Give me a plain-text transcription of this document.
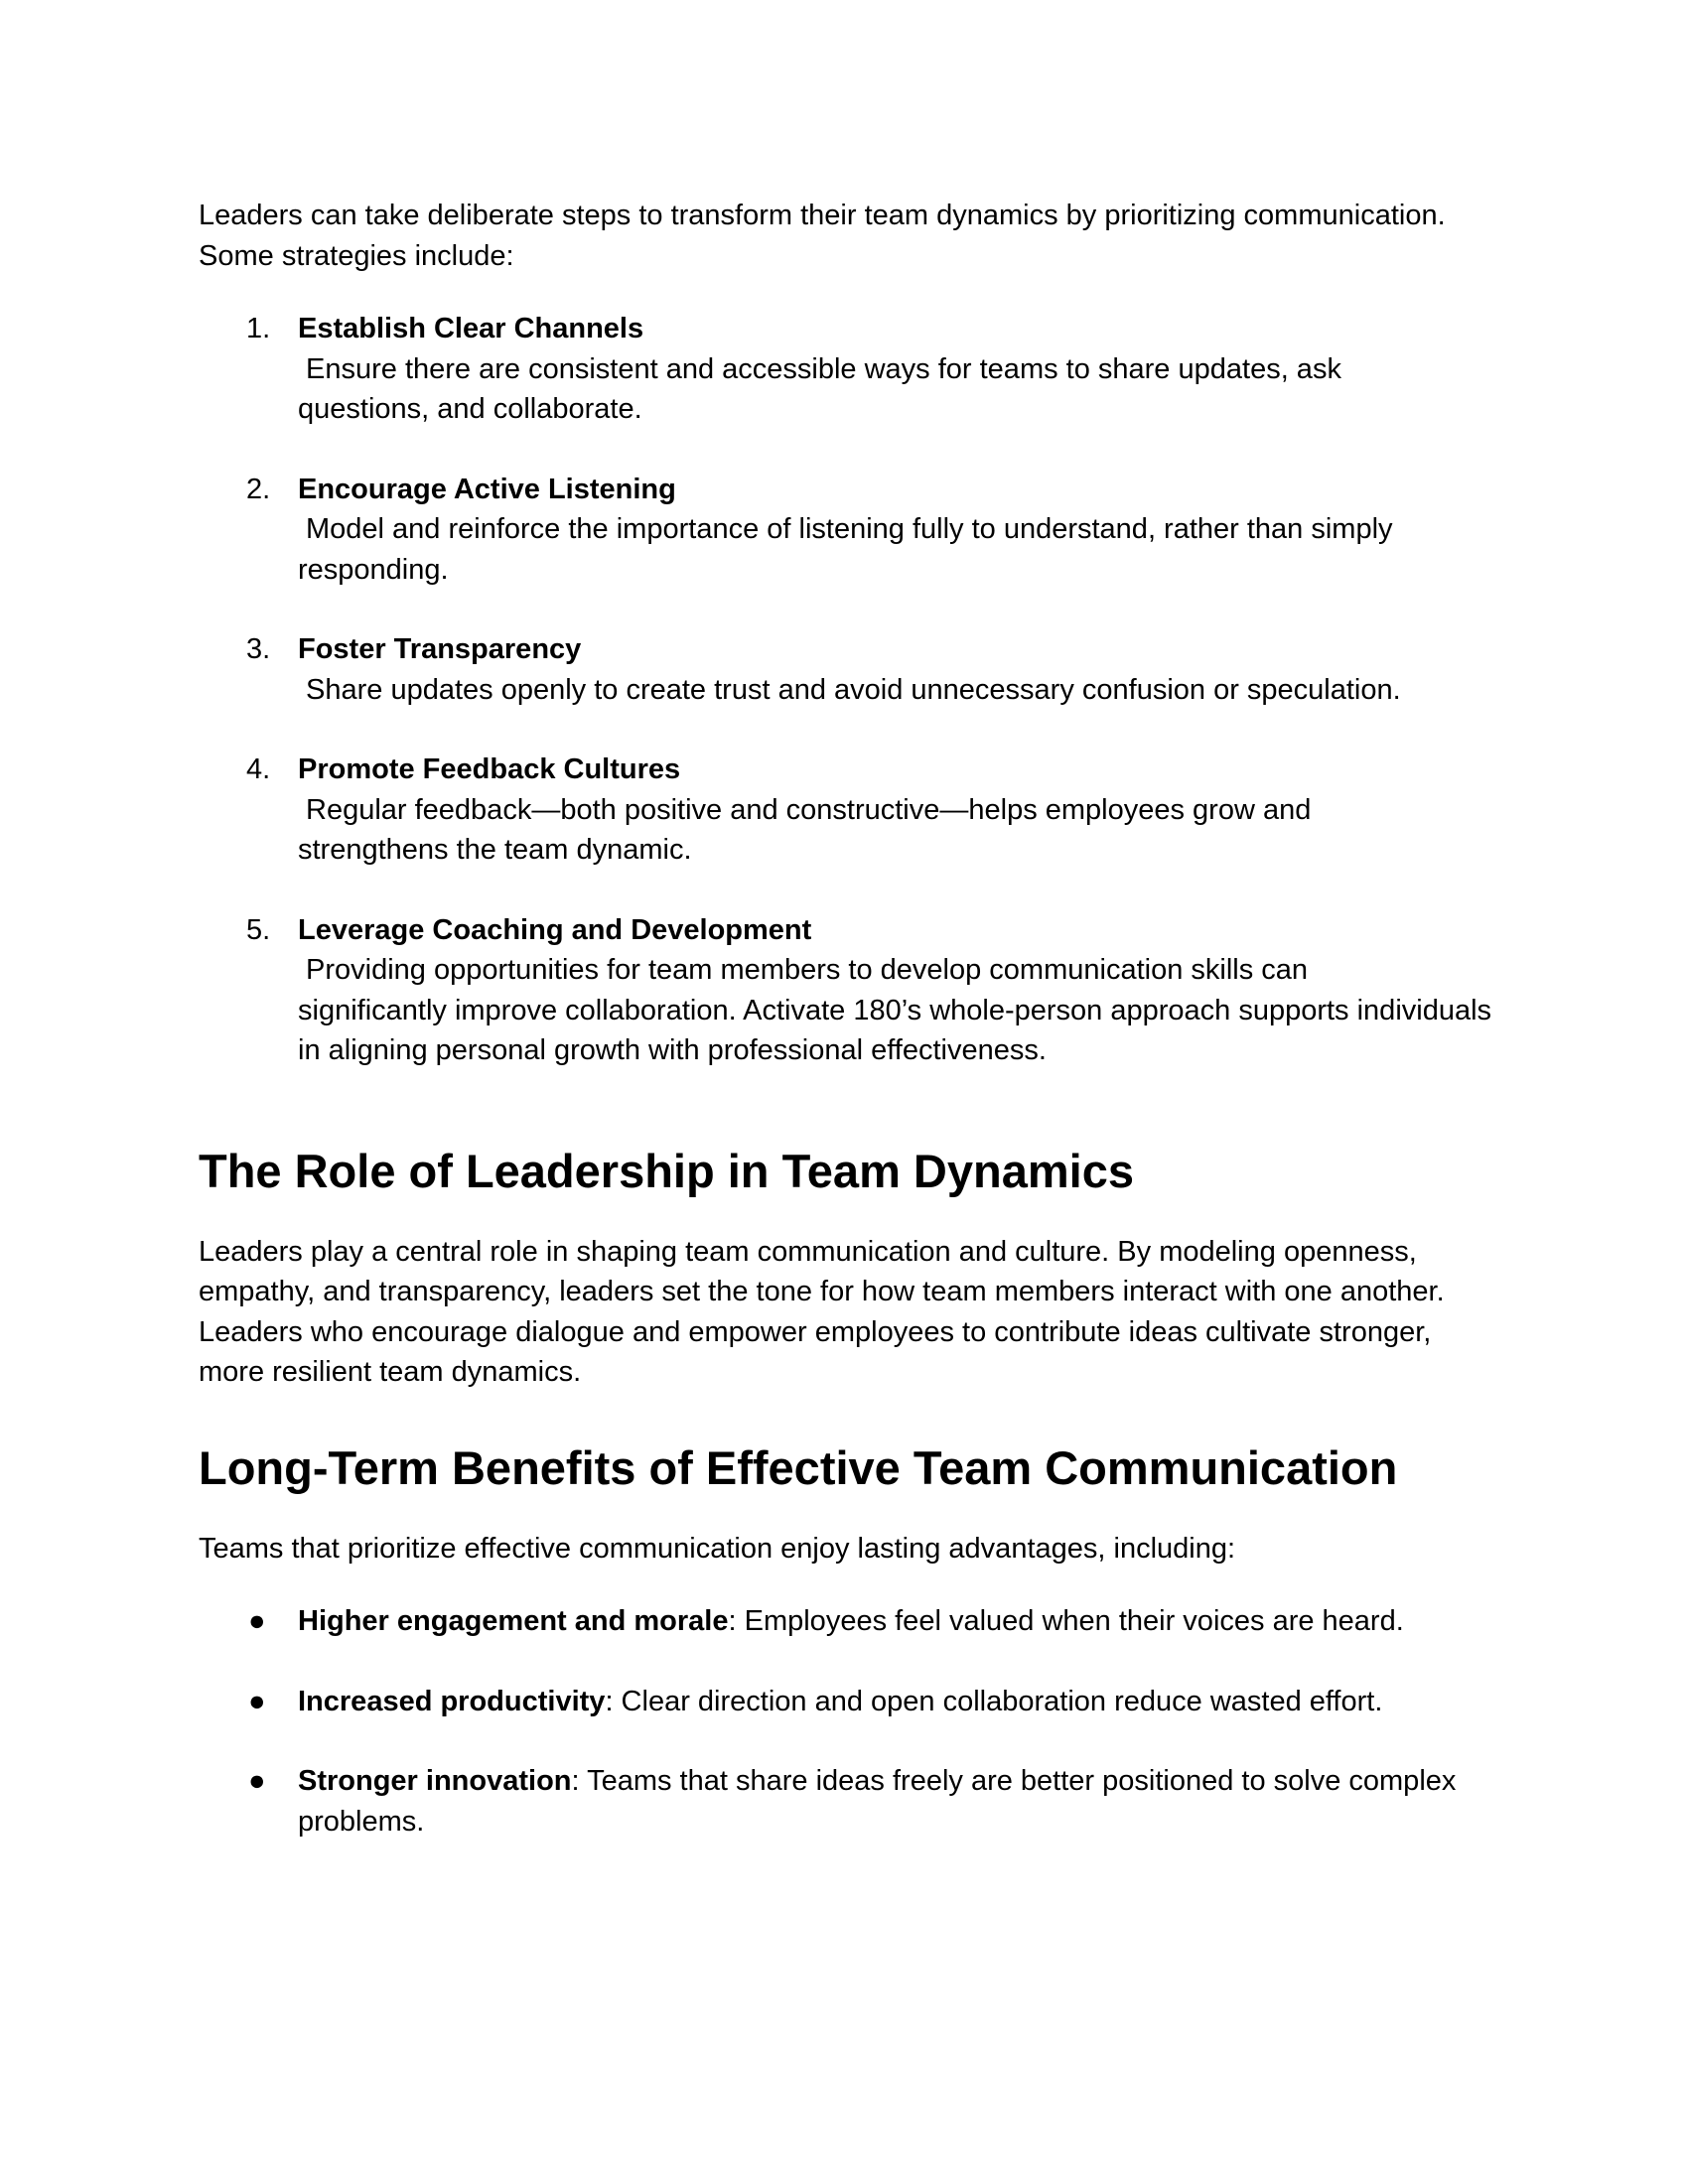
Leaders can take deliberate steps to transform their team dynamics by prioritizing communication. Some strategies include:

1. Establish Clear Channels
Ensure there are consistent and accessible ways for teams to share updates, ask
questions, and collaborate.
2. Encourage Active Listening
Model and reinforce the importance of listening fully to understand, rather than simply
responding.
3. Foster Transparency
Share updates openly to create trust and avoid unnecessary confusion or speculation.
4. Promote Feedback Cultures
Regular feedback—both positive and constructive—helps employees grow and
strengthens the team dynamic.
5. Leverage Coaching and Development
Providing opportunities for team members to develop communication skills can
significantly improve collaboration. Activate 180’s whole-person approach supports individuals in aligning personal growth with professional effectiveness.
The Role of Leadership in Team Dynamics

Leaders play a central role in shaping team communication and culture. By modeling openness, empathy, and transparency, leaders set the tone for how team members interact with one another. Leaders who encourage dialogue and empower employees to contribute ideas cultivate stronger, more resilient team dynamics.

Long-Term Benefits of Effective Team Communication

Teams that prioritize effective communication enjoy lasting advantages, including:

● Higher engagement and morale: Employees feel valued when their voices are heard.
● Increased productivity: Clear direction and open collaboration reduce wasted effort.
● Stronger innovation: Teams that share ideas freely are better positioned to solve complex problems.
